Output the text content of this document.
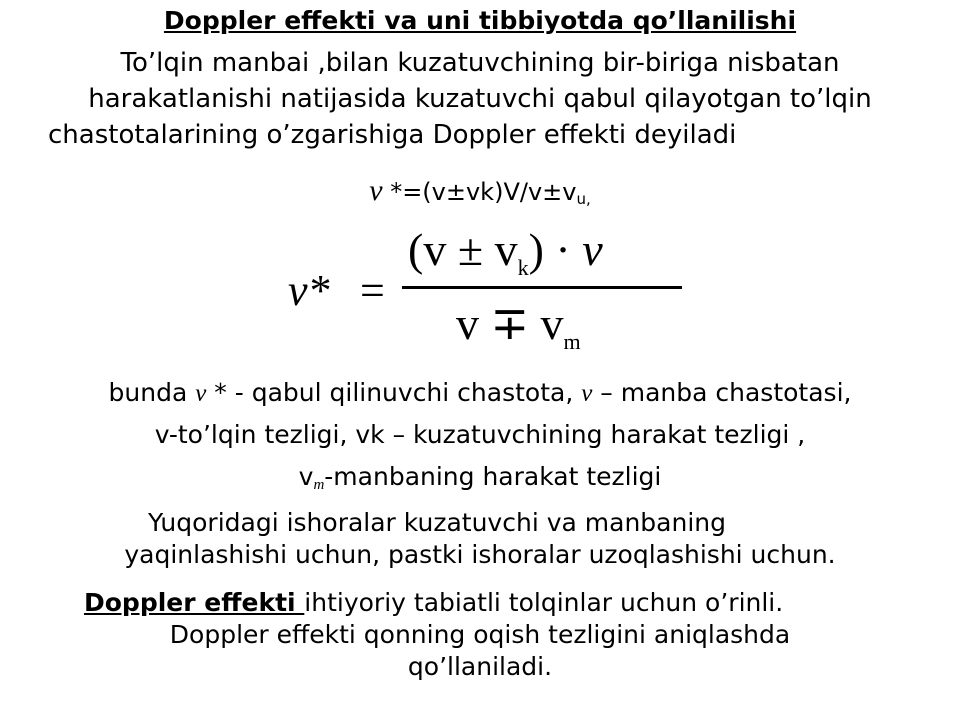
Doppler effekti va uni tibbiyotda qo’llanilishi
To’lqin manbai ,bilan kuzatuvchining bir-biriga nisbatan
harakatlanishi natijasida kuzatuvchi qabul qilayotgan to’lqin
chastotalarining o’zgarishiga Doppler effekti deyiladi
ν $*=(v\pm vk)V/v\pm v_{u,}$
ν* =
$(v \pm v_k) \cdot \nu$
$v \mp v_m$
bunda ν * - qabul qilinuvchi chastota, ν – manba chastotasi,
v-to’lqin tezligi, vk – kuzatuvchining harakat tezligi ,
vm-manbaning harakat tezligi
Yuqoridagi ishoralar kuzatuvchi va manbaning
yaqinlashishi uchun, pastki ishoralar uzoqlashishi uchun.
Doppler effekti ihtiyoriy tabiatli tolqinlar uchun o’rinli.
Doppler effekti qonning oqish tezligini aniqlashda
qo’llaniladi.
